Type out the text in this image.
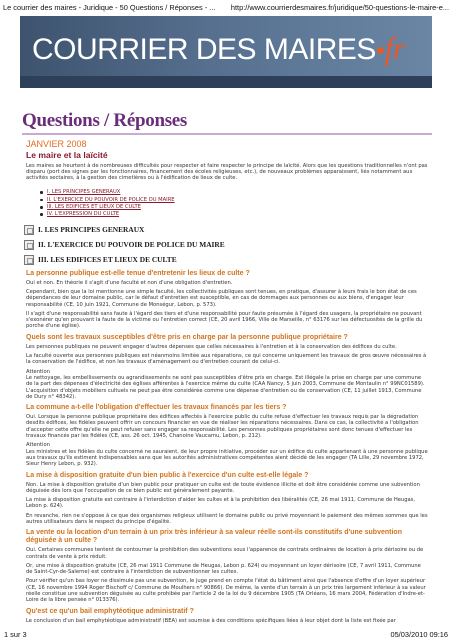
Le courrier des maires - Juridique - 50 Questions / Réponses - ... http://www.courrierdesmaires.fr/juridique/50-questions-le-maire-e...
COURRIER DES MAIRES•fr
Questions / Réponses
JANVIER 2008
Le maire et la laïcité
Les maires se heurtent à de nombreuses difficultés pour respecter et faire respecter le principe de laïcité. Alors que les questions traditionnelles n'ont pas disparu (port des signes par les fonctionnaires, financement des écoles religieuses, etc.), de nouveaux problèmes apparaissent, liés notamment aux activités sectaires, à la gestion des cimetières ou à l'édification de lieux de culte.
I. LES PRINCIPES GENERAUX
II. L'EXERCICE DU POUVOIR DE POLICE DU MAIRE
III. LES EDIFICES ET LIEUX DE CULTE
IV. L'EXPRESSION DU CULTE
I. LES PRINCIPES GENERAUX
II. L'EXERCICE DU POUVOIR DE POLICE DU MAIRE
III. LES EDIFICES ET LIEUX DE CULTE
La personne publique est-elle tenue d'entretenir les lieux de culte ?
Oui et non. En théorie il s'agit d'une faculté et non d'une obligation d'entretien.
Cependant, bien que la loi mentionne une simple faculté, les collectivités publiques sont tenues, en pratique, d'assurer à leurs frais le bon état de ces dépendances de leur domaine public, car le défaut d'entretien est susceptible, en cas de dommages aux personnes ou aux biens, d'engager leur responsabilité (CE, 10 juin 1921, Commune de Monségur, Lebon, p. 573).
Il s'agit d'une responsabilité sans faute à l'égard des tiers et d'une responsabilité pour faute présumée à l'égard des usagers, la propriétaire ne pouvant s'exonérer qu'en prouvant la faute de la victime ou l'entretien correct (CE, 20 avril 1966, Ville de Marseille, n° 63176 sur les défectuosités de la grille du porche d'une église).
Quels sont les travaux susceptibles d'être pris en charge par la personne publique propriétaire ?
Les personnes publiques ne peuvent engager d'autres dépenses que celles nécessaires à l'entretien et à la conservation des édifices du culte.
La faculté ouverte aux personnes publiques est néanmoins limitée aux réparations, ce qui concerne uniquement les travaux de gros œuvre nécessaires à la conservation de l'édifice, et non les travaux d'aménagement ou d'entretien courant de celui-ci.
Attention
Le nettoyage, les embellissements ou agrandissements ne sont pas susceptibles d'être pris en charge. Est illégale la prise en charge par une commune de la part des dépenses d'électricité des églises afférentes à l'exercice même du culte (CAA Nancy, 5 juin 2003, Commune de Montaulin n° 99NC01589). L'acquisition d'objets mobiliers cultuels ne peut pas être considérée comme une dépense d'entretien ou de conservation (CE, 11 juillet 1913, Commune de Dury n° 48342).
La commune a-t-elle l'obligation d'effectuer les travaux financés par les tiers ?
Oui. Lorsque la personne publique propriétaire des édifices affectés à l'exercice public du culte refuse d'effectuer les travaux requis par la dégradation desdits édifices, les fidèles peuvent offrir un concours financier en vue de réaliser les réparations nécessaires. Dans ce cas, la collectivité a l'obligation d'accepter cette offre qu'elle ne peut refuser sans engager sa responsabilité. Les personnes publiques propriétaires sont donc tenues d'effectuer les travaux financés par les fidèles (CE, ass. 26 oct. 1945, Chanoine Vaucamu, Lebon, p. 212).
Attention
Les ministres et les fidèles du culte concerné ne sauraient, de leur propre initiative, procéder sur un édifice du culte appartenant à une personne publique aux travaux qu'ils estiment indispensables sans que les autorités administratives compétentes aient décidé de les engager (TA Lille, 29 novembre 1972, Sieur Henry Lebon, p. 932).
La mise à disposition gratuite d'un bien public à l'exercice d'un culte est-elle légale ?
Non. La mise à disposition gratuite d'un bien public pour pratiquer un culte est de toute évidence illicite et doit être considérée comme une subvention déguisée dès lors que l'occupation de ce bien public est généralement payante.
La mise à disposition gratuite est contraire à l'interdiction d'aider les cultes et à la prohibition des libéralités (CE, 26 mai 1911, Commune de Heugas, Lebon p. 624).
En revanche, rien ne s'oppose à ce que des organismes religieux utilisent le domaine public ou privé moyennant le paiement des mêmes sommes que les autres utilisateurs dans le respect du principe d'égalité.
La vente ou la location d'un terrain à un prix très inférieur à sa valeur réelle sont-ils constitutifs d'une subvention déguisée à un culte ?
Oui. Certaines communes tentent de contourner la prohibition des subventions sous l'apparence de contrats ordinaires de location à prix dérisoire ou de contrats de vente à prix réduit.
Or, une mise à disposition gratuite (CE, 26 mai 1911 Commune de Heugas, Lebon p. 624) ou moyennant un loyer dérisoire (CE, 7 avril 1911, Commune de Saint-Cyr-de-Salerne) est contraire à l'interdiction de subventionner les cultes.
Pour vérifier qu'un bas loyer ne dissimule pas une subvention, le juge prend en compte l'état du bâtiment ainsi que l'absence d'offre d'un loyer supérieur (CE, 16 novembre 1994 Roger Bischoff c/ Commune de Moulhers n° 90866). De même, la vente d'un terrain à un prix très largement inférieur à sa valeur réelle constitue une subvention déguisée au culte prohibée par l'article 2 de la loi du 9 décembre 1905 (TA Orléans, 16 mars 2004, Fédération d'Indre-et-Loire de la libre pensée n° 013376).
Qu'est ce qu'un bail emphytéotique administratif ?
Le conclusion d'un bail emphytéotique administratif (BEA) est soumise à des conditions spécifiques liées à leur objet dont la liste est fixée par
1 sur 3	05/03/2010 09:16
